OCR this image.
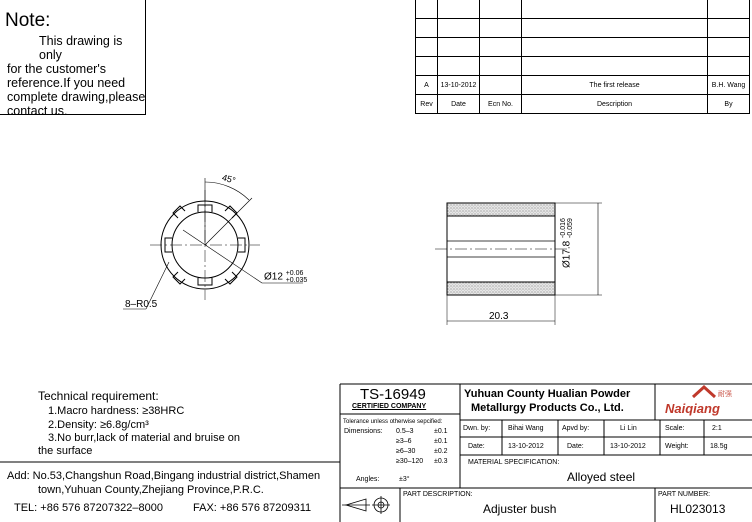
Note:
This drawing is only
for the customer's
reference.If you need
complete drawing,please
contact us.

A	13-10-2012		The first release	B.H. Wang
Rev	Date	Ecn No.	Description	By
45°
Ø12 +0.06
+0.035
8–R0.5
20.3
Ø17.8
-0.016 -0.059
Technical requirement:
1.Macro hardness: ≥38HRC
2.Density: ≥6.8g/cm³
3.No burr,lack of material and bruise on
the surface
Add: No.53,Changshun Road,Bingang industrial district,Shamen
town,Yuhuan County,Zhejiang Province,P.R.C.
TEL: +86 576 87207322–8000	FAX: +86 576 87209311
TS-16949
CERTIFIED COMPANY
Yuhuan County Hualian Powder
Metallurgy Products Co., Ltd.	Naiqiang
耐强
Tolerance unless otherwise sepcified:
Dimensions: 0.5–3	±0.1
≥3–6	±0.1
≥6–30	±0.2
≥30–120 ±0.3
Angles:	±3°
Dwn. by:	Bihai Wang	Apvd by:	Li Lin	Scale:	2:1
Date:	13-10-2012	Date:	13-10-2012	Weight:	18.5g
MATERIAL SPECIFICATION:
Alloyed steel
PART DESCRIPTION:
Adjuster bush
PART NUMBER:
HL023013
